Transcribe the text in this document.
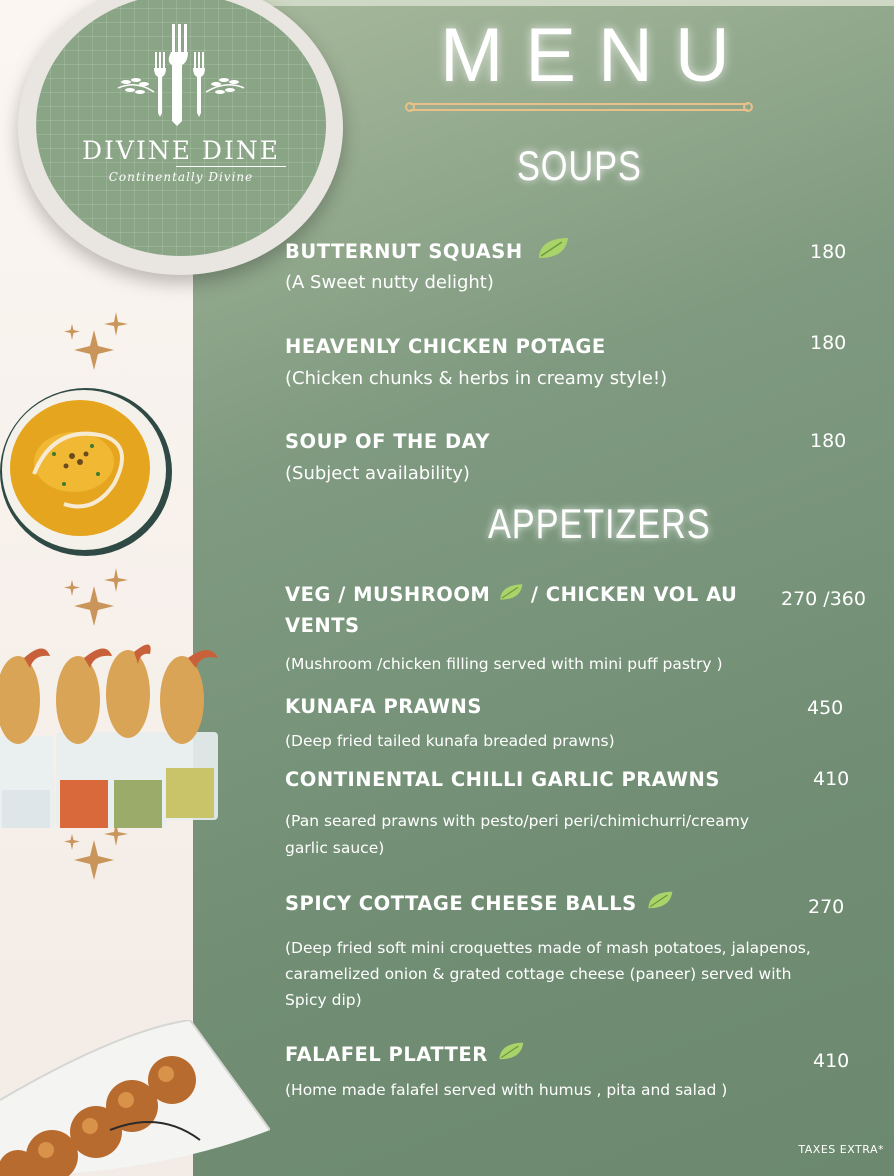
DIVINE DINE
Continentally Divine
MENU
SOUPS
BUTTERNUT SQUASH
(A Sweet nutty delight)
180
HEAVENLY CHICKEN POTAGE
(Chicken chunks & herbs in creamy style!)
180
SOUP OF THE DAY
(Subject availability)
180
APPETIZERS
VEG / MUSHROOM  / CHICKEN VOL AU
VENTS
270 /360
(Mushroom /chicken filling served with mini puff pastry )
KUNAFA PRAWNS	450
(Deep fried tailed kunafa breaded prawns)
CONTINENTAL CHILLI GARLIC PRAWNS	410
(Pan seared prawns with pesto/peri peri/chimichurri/creamy
garlic sauce)
SPICY COTTAGE CHEESE BALLS	270
(Deep fried soft mini croquettes made of mash potatoes, jalapenos,
caramelized onion & grated cottage cheese (paneer) served with
Spicy dip)
FALAFEL PLATTER	410
(Home made falafel served with humus , pita and salad )
TAXES EXTRA*
